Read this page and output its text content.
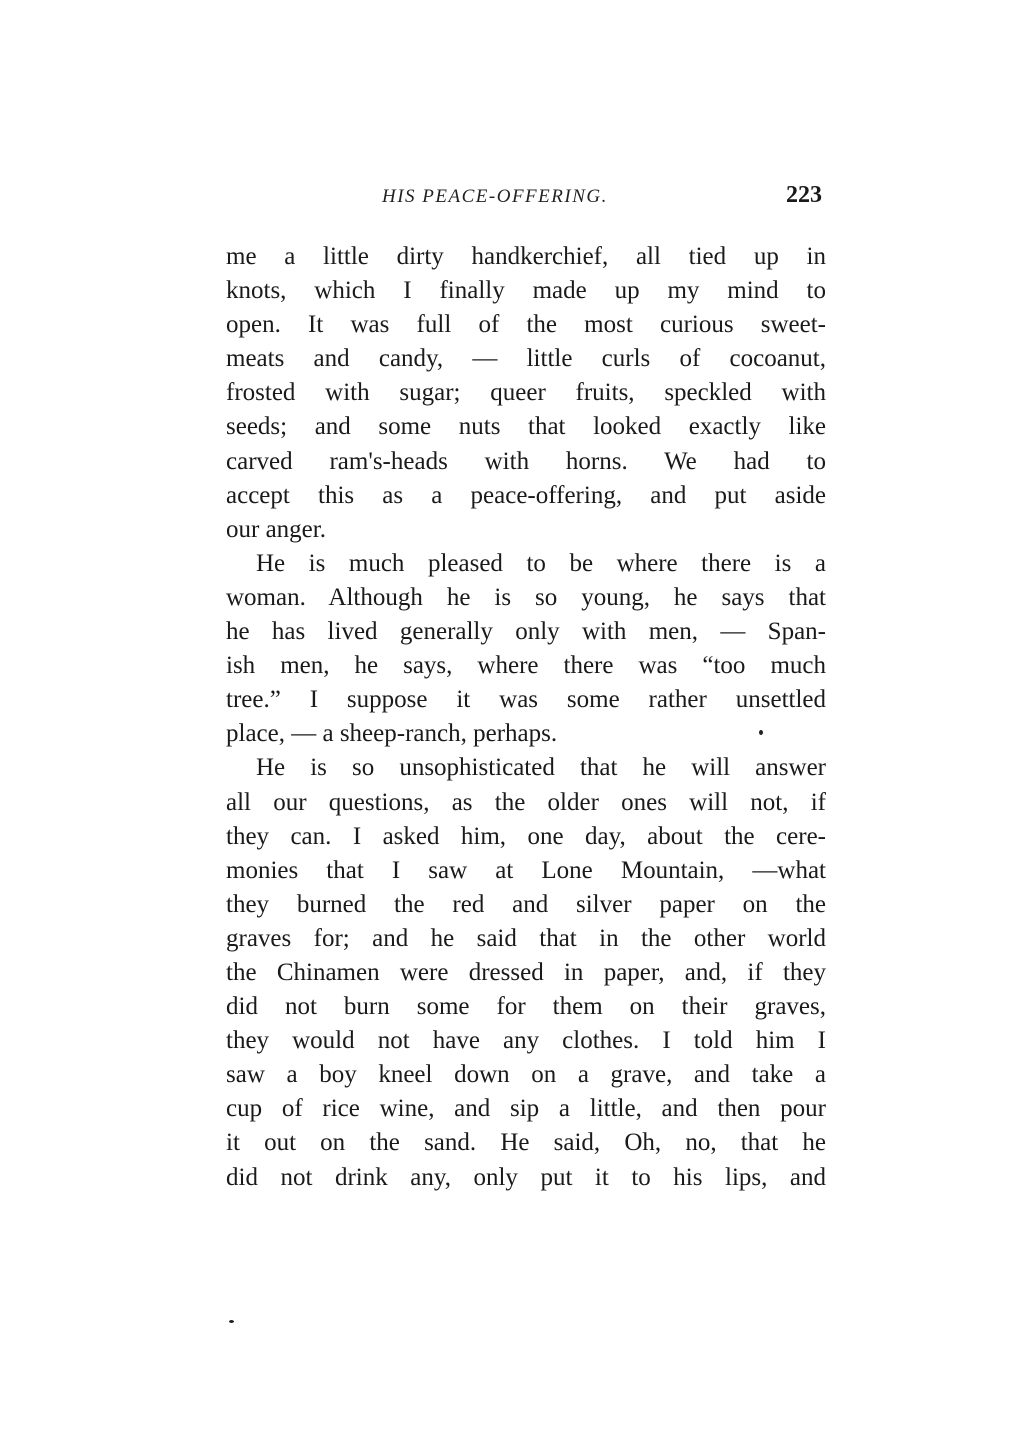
HIS PEACE-OFFERING.	223
me a little dirty handkerchief, all tied up in
knots, which I finally made up my mind to
open. It was full of the most curious sweet-
meats and candy, — little curls of cocoanut,
frosted with sugar; queer fruits, speckled with
seeds; and some nuts that looked exactly like
carved ram's-heads with horns. We had to
accept this as a peace-offering, and put aside
our anger.
He is much pleased to be where there is a
woman. Although he is so young, he says that
he has lived generally only with men, — Span-
ish men, he says, where there was “too much
tree.” I suppose it was some rather unsettled
place, — a sheep-ranch, perhaps.
He is so unsophisticated that he will answer
all our questions, as the older ones will not, if
they can. I asked him, one day, about the cere-
monies that I saw at Lone Mountain, —what
they burned the red and silver paper on the
graves for; and he said that in the other world
the Chinamen were dressed in paper, and, if they
did not burn some for them on their graves,
they would not have any clothes. I told him I
saw a boy kneel down on a grave, and take a
cup of rice wine, and sip a little, and then pour
it out on the sand. He said, Oh, no, that he
did not drink any, only put it to his lips, and
